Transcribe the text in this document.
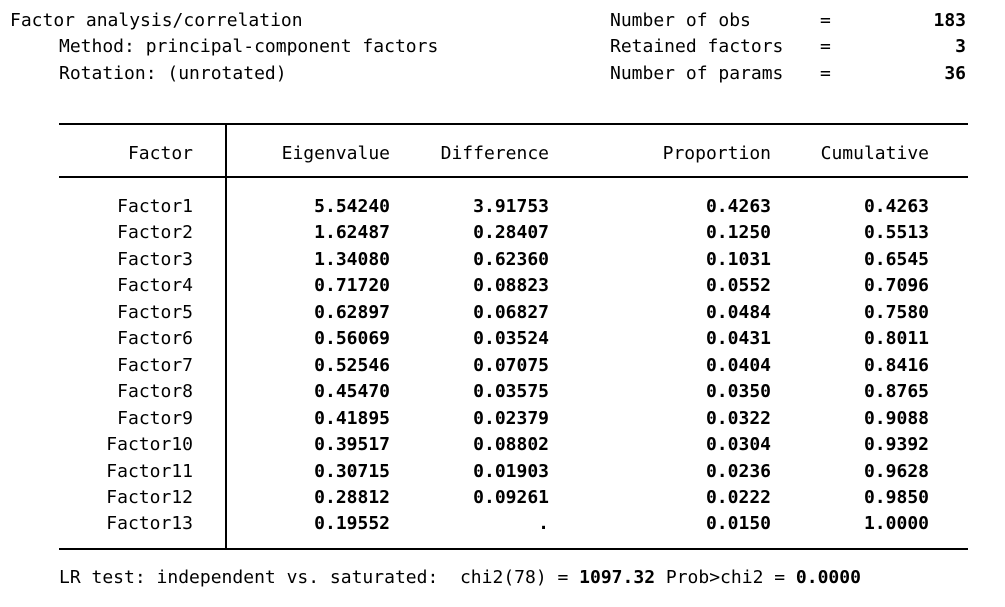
Factor analysis/correlation
Method: principal-component factors
Rotation: (unrotated)
Number of obs	=	183
Retained factors =	3
Number of params =	36
Factor	Eigenvalue	Difference	Proportion	Cumulative
Factor1	5.54240	3.91753	0.4263	0.4263
Factor2	1.62487	0.28407	0.1250	0.5513
Factor3	1.34080	0.62360	0.1031	0.6545
Factor4	0.71720	0.08823	0.0552	0.7096
Factor5	0.62897	0.06827	0.0484	0.7580
Factor6	0.56069	0.03524	0.0431	0.8011
Factor7	0.52546	0.07075	0.0404	0.8416
Factor8	0.45470	0.03575	0.0350	0.8765
Factor9	0.41895	0.02379	0.0322	0.9088
Factor10	0.39517	0.08802	0.0304	0.9392
Factor11	0.30715	0.01903	0.0236	0.9628
Factor12	0.28812	0.09261	0.0222	0.9850
Factor13	0.19552	.	0.0150	1.0000
LR test: independent vs. saturated:  chi2(78) = 1097.32 Prob>chi2 = 0.0000
